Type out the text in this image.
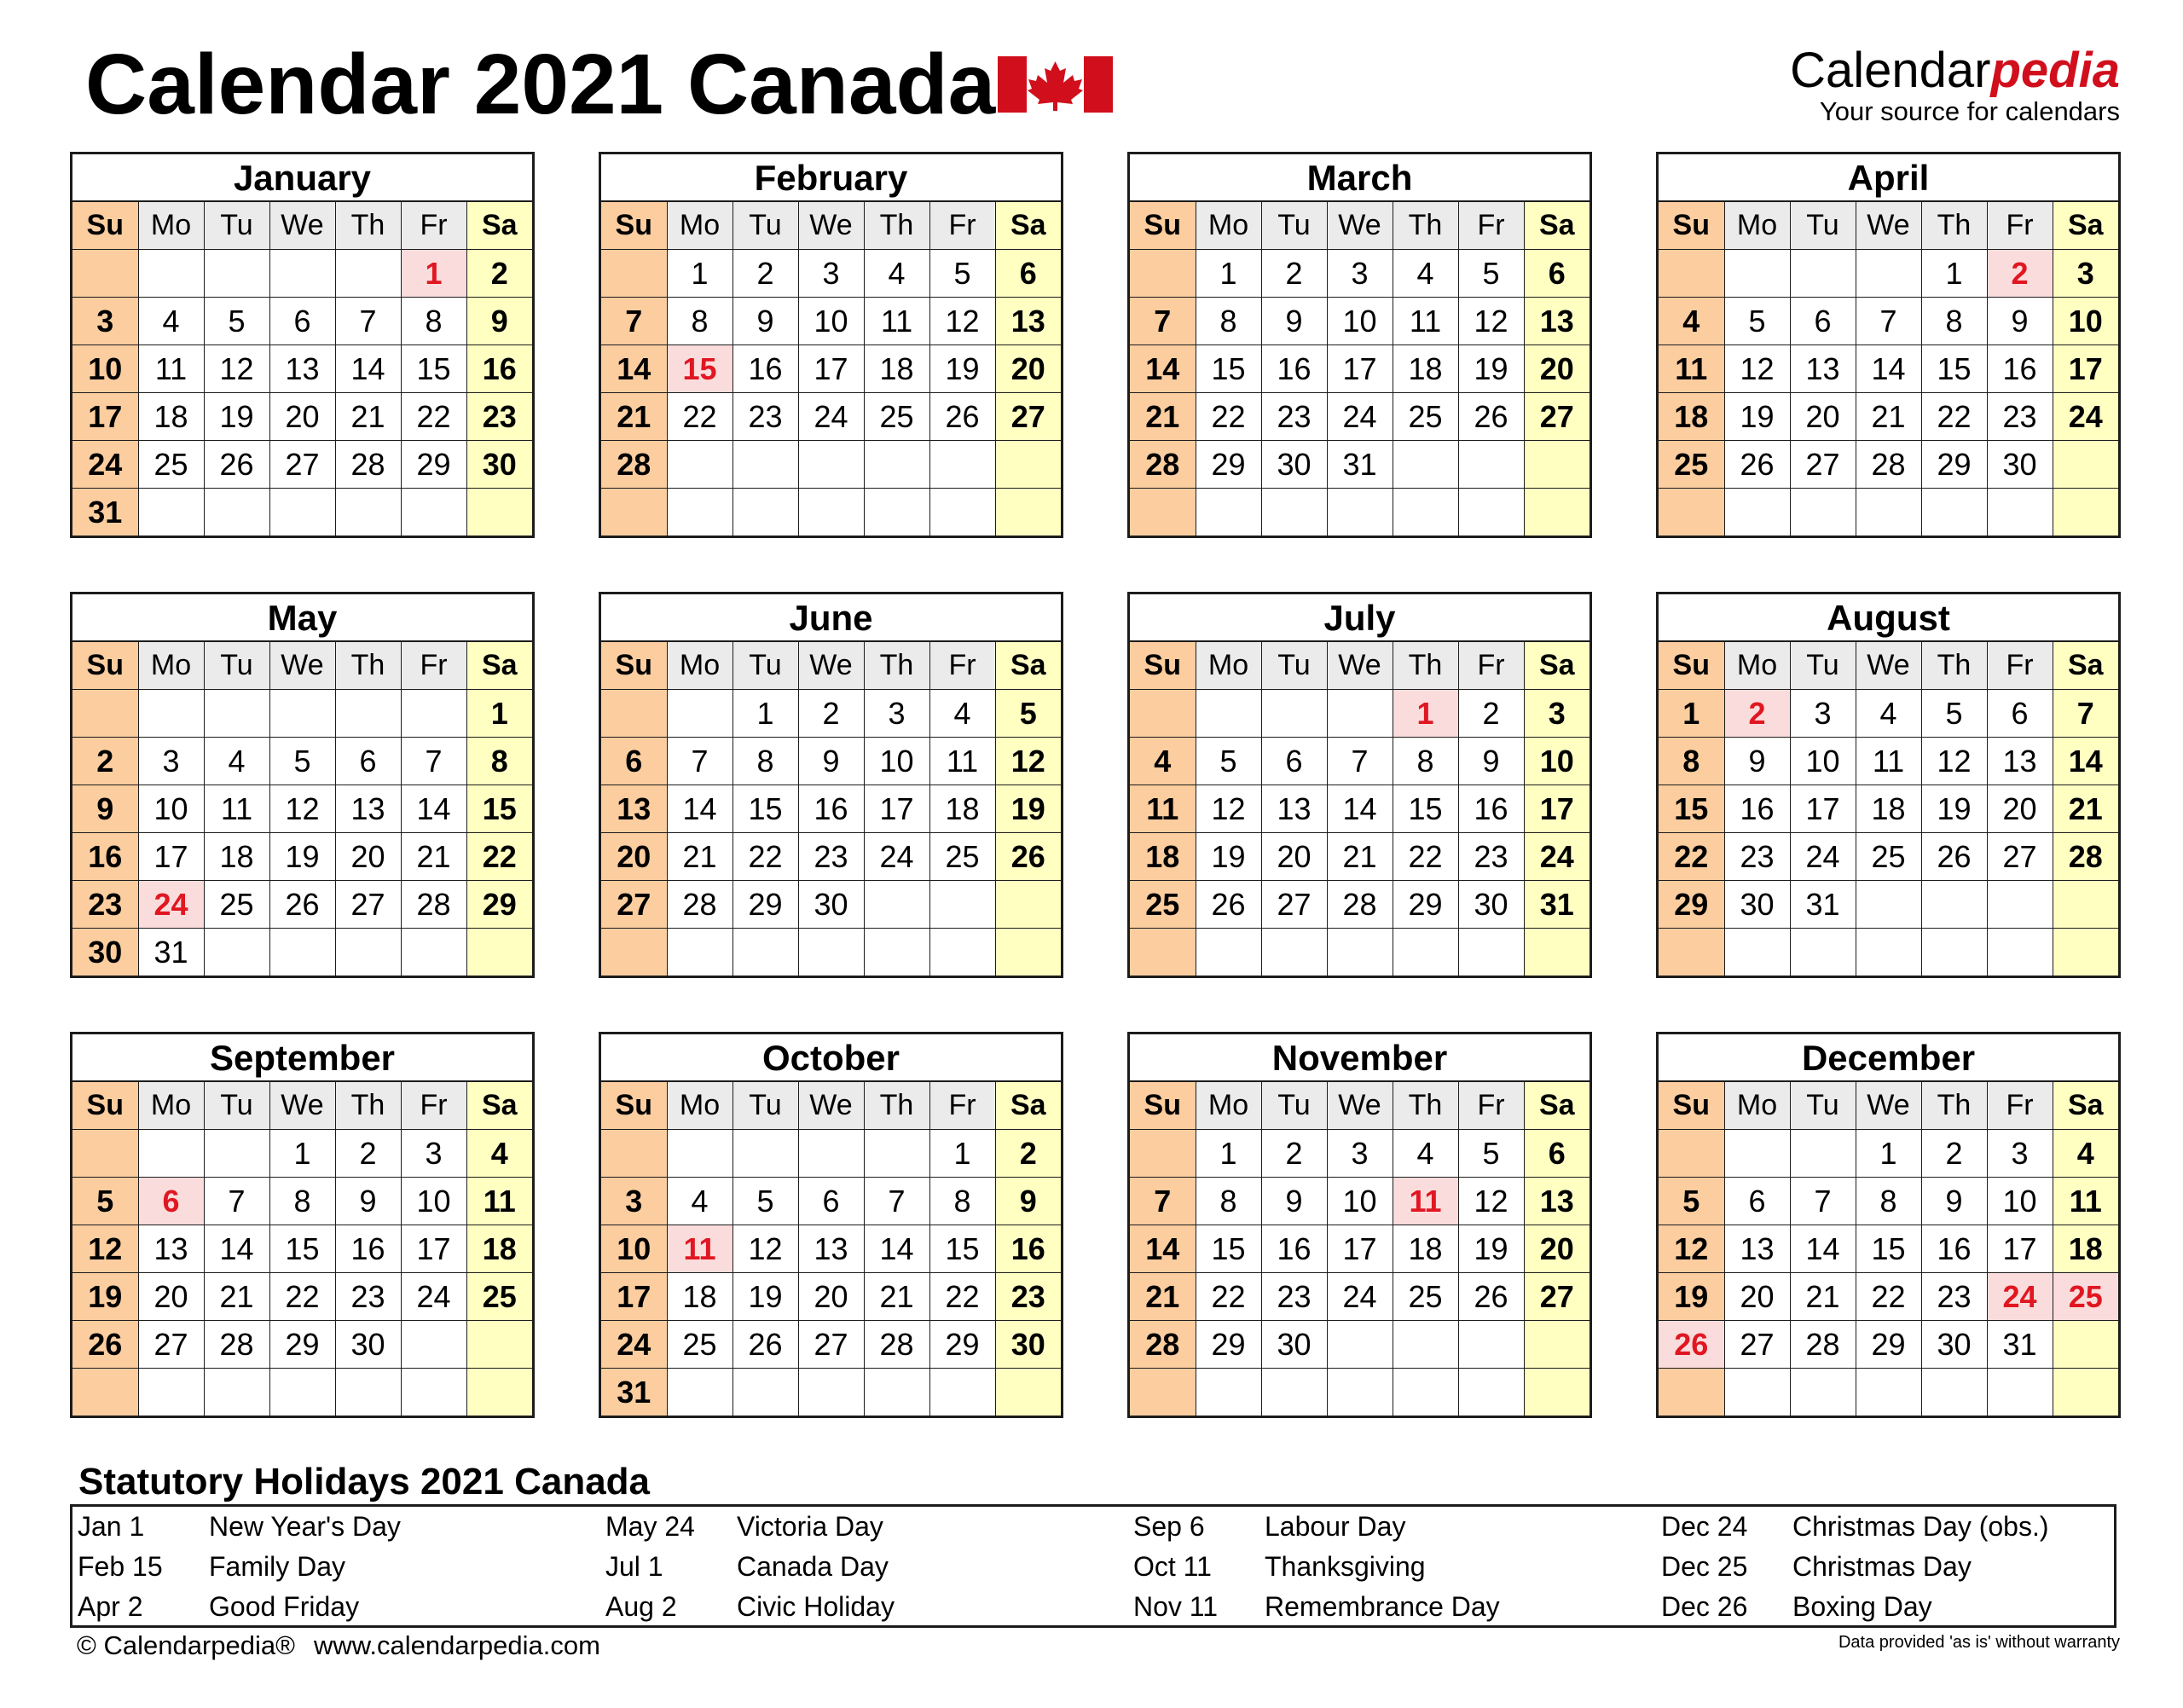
Calendar 2021 Canada	Calendarpedia
Your source for calendars
January
Su	Mo	Tu	We	Th	Fr	Sa
					1	2
3	4	5	6	7	8	9
10	11	12	13	14	15	16
17	18	19	20	21	22	23
24	25	26	27	28	29	30
31						
February
Su	Mo	Tu	We	Th	Fr	Sa
	1	2	3	4	5	6
7	8	9	10	11	12	13
14	15	16	17	18	19	20
21	22	23	24	25	26	27
28						

March
Su	Mo	Tu	We	Th	Fr	Sa
	1	2	3	4	5	6
7	8	9	10	11	12	13
14	15	16	17	18	19	20
21	22	23	24	25	26	27
28	29	30	31			

April
Su	Mo	Tu	We	Th	Fr	Sa
				1	2	3
4	5	6	7	8	9	10
11	12	13	14	15	16	17
18	19	20	21	22	23	24
25	26	27	28	29	30	

May
Su	Mo	Tu	We	Th	Fr	Sa
						1
2	3	4	5	6	7	8
9	10	11	12	13	14	15
16	17	18	19	20	21	22
23	24	25	26	27	28	29
30	31					
June
Su	Mo	Tu	We	Th	Fr	Sa
		1	2	3	4	5
6	7	8	9	10	11	12
13	14	15	16	17	18	19
20	21	22	23	24	25	26
27	28	29	30			

July
Su	Mo	Tu	We	Th	Fr	Sa
				1	2	3
4	5	6	7	8	9	10
11	12	13	14	15	16	17
18	19	20	21	22	23	24
25	26	27	28	29	30	31

August
Su	Mo	Tu	We	Th	Fr	Sa
1	2	3	4	5	6	7
8	9	10	11	12	13	14
15	16	17	18	19	20	21
22	23	24	25	26	27	28
29	30	31				

September
Su	Mo	Tu	We	Th	Fr	Sa
			1	2	3	4
5	6	7	8	9	10	11
12	13	14	15	16	17	18
19	20	21	22	23	24	25
26	27	28	29	30		

October
Su	Mo	Tu	We	Th	Fr	Sa
					1	2
3	4	5	6	7	8	9
10	11	12	13	14	15	16
17	18	19	20	21	22	23
24	25	26	27	28	29	30
31						
November
Su	Mo	Tu	We	Th	Fr	Sa
	1	2	3	4	5	6
7	8	9	10	11	12	13
14	15	16	17	18	19	20
21	22	23	24	25	26	27
28	29	30				

December
Su	Mo	Tu	We	Th	Fr	Sa
			1	2	3	4
5	6	7	8	9	10	11
12	13	14	15	16	17	18
19	20	21	22	23	24	25
26	27	28	29	30	31	

Statutory Holidays 2021 Canada
Jan 1 New Year's Day
Feb 15 Family Day
Apr 2 Good Friday
May 24 Victoria Day
Jul 1	Canada Day
Aug 2 Civic Holiday
Sep 6 Labour Day
Oct 11 Thanksgiving
Nov 11 Remembrance Day
Dec 24 Christmas Day (obs.)
Dec 25 Christmas Day
Dec 26 Boxing Day
© Calendarpedia® www.calendarpedia.com	Data provided 'as is' without warranty
